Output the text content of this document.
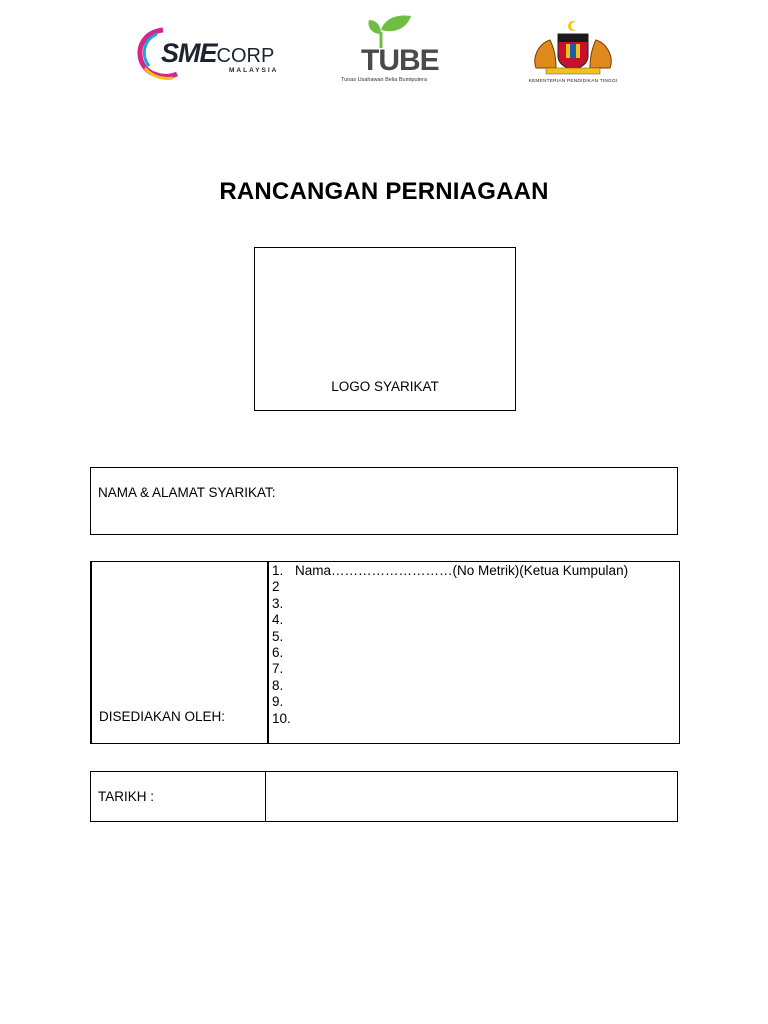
SMECORP
MALAYSIA	TUBE
Tunas Usahawan Belia Bumiputera	KEMENTERIAN PENDIDIKAN TINGGI
RANCANGAN PERNIAGAAN
LOGO SYARIKAT
NAMA & ALAMAT SYARIKAT:
DISEDIAKAN OLEH:
1. Nama………………………(No Metrik)(Ketua Kumpulan)
2
3.
4.
5.
6.
7.
8.
9.
10.
TARIKH :
